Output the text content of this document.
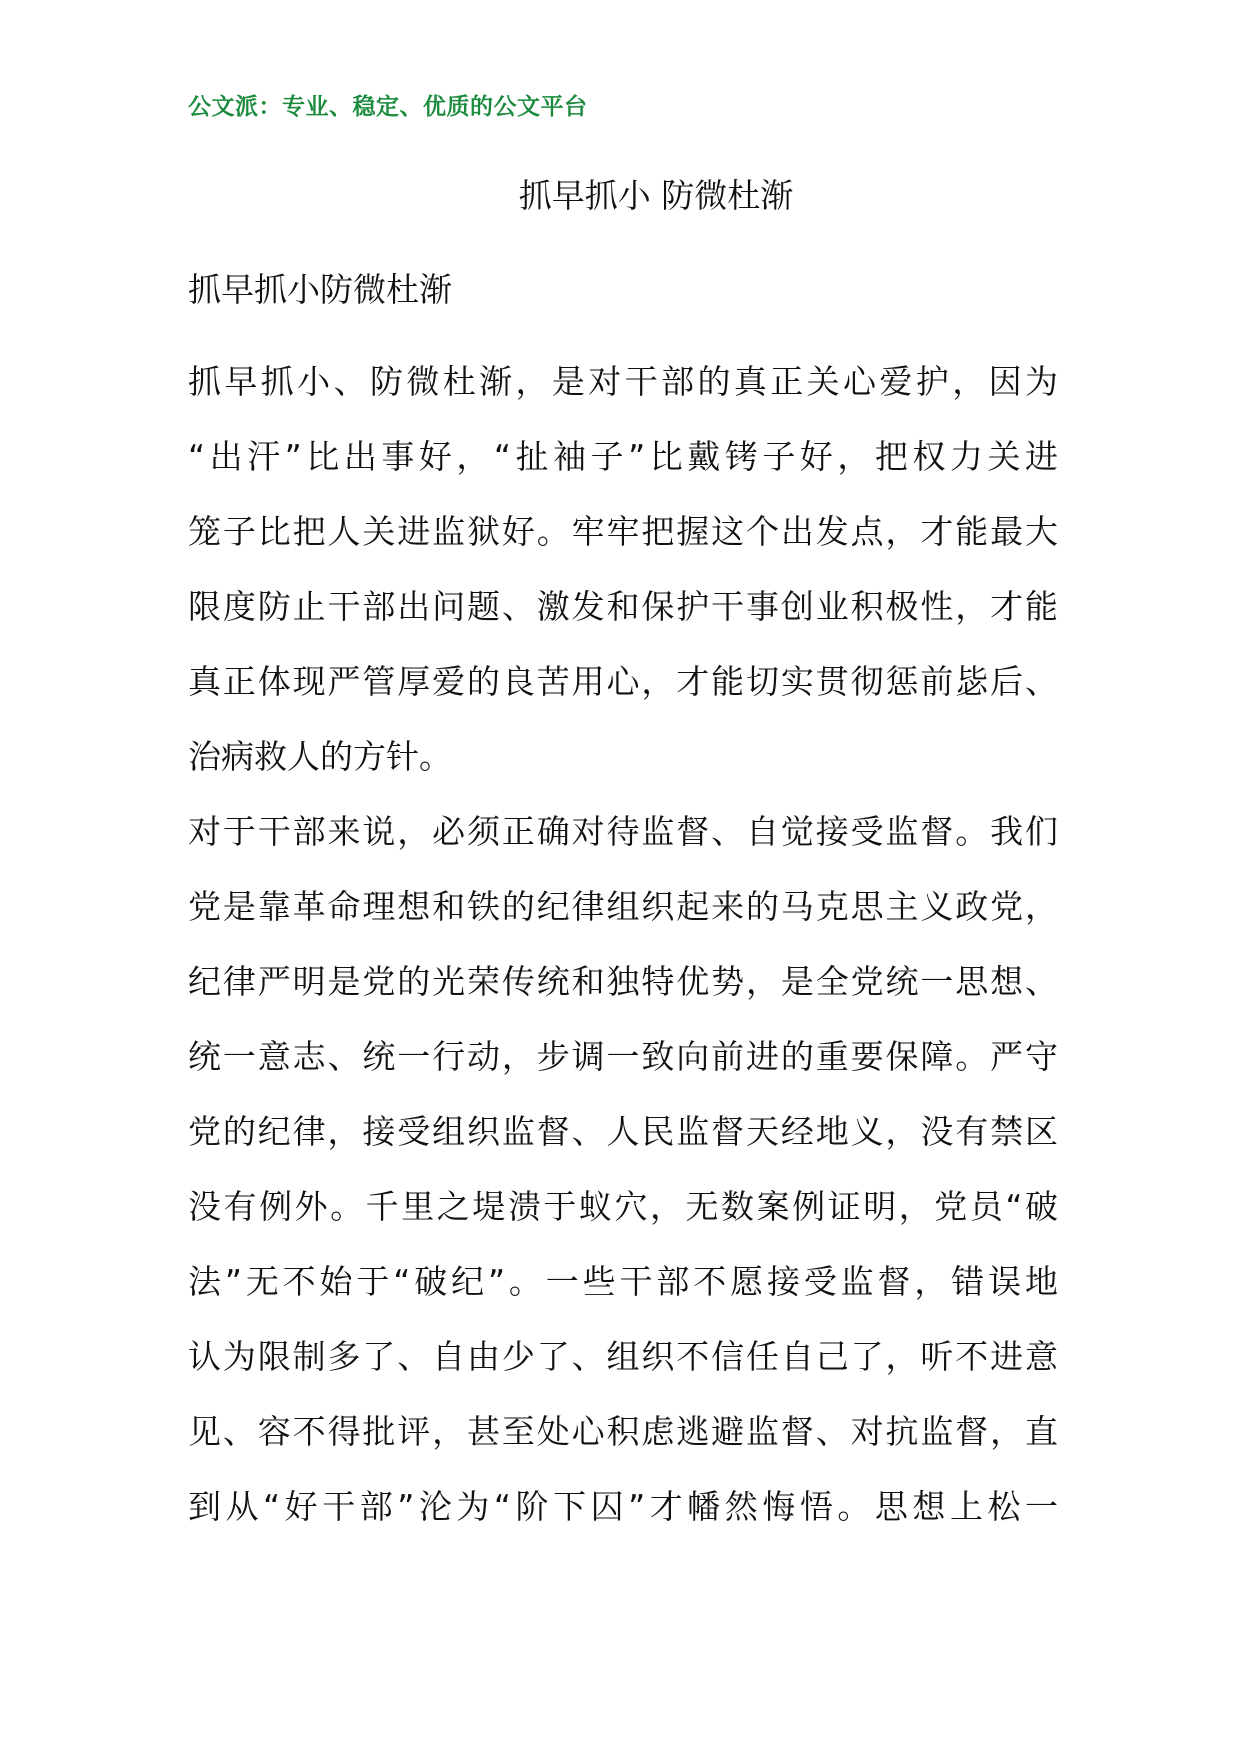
公文派：专业、稳定、优质的公文平台
抓早抓小 防微杜渐
抓早抓小防微杜渐
抓早抓小、防微杜渐，是对干部的真正关心爱护，因为
“出汗”比出事好，“扯袖子”比戴铐子好，把权力关进
笼子比把人关进监狱好。牢牢把握这个出发点，才能最大
限度防止干部出问题、激发和保护干事创业积极性，才能
真正体现严管厚爱的良苦用心，才能切实贯彻惩前毖后、
治病救人的方针。
对于干部来说，必须正确对待监督、自觉接受监督。我们
党是靠革命理想和铁的纪律组织起来的马克思主义政党，
纪律严明是党的光荣传统和独特优势，是全党统一思想、
统一意志、统一行动，步调一致向前进的重要保障。严守
党的纪律，接受组织监督、人民监督天经地义，没有禁区
没有例外。千里之堤溃于蚁穴，无数案例证明，党员“破
法”无不始于“破纪”。一些干部不愿接受监督，错误地
认为限制多了、自由少了、组织不信任自己了，听不进意
见、容不得批评，甚至处心积虑逃避监督、对抗监督，直
到从“好干部”沦为“阶下囚”才幡然悔悟。思想上松一
